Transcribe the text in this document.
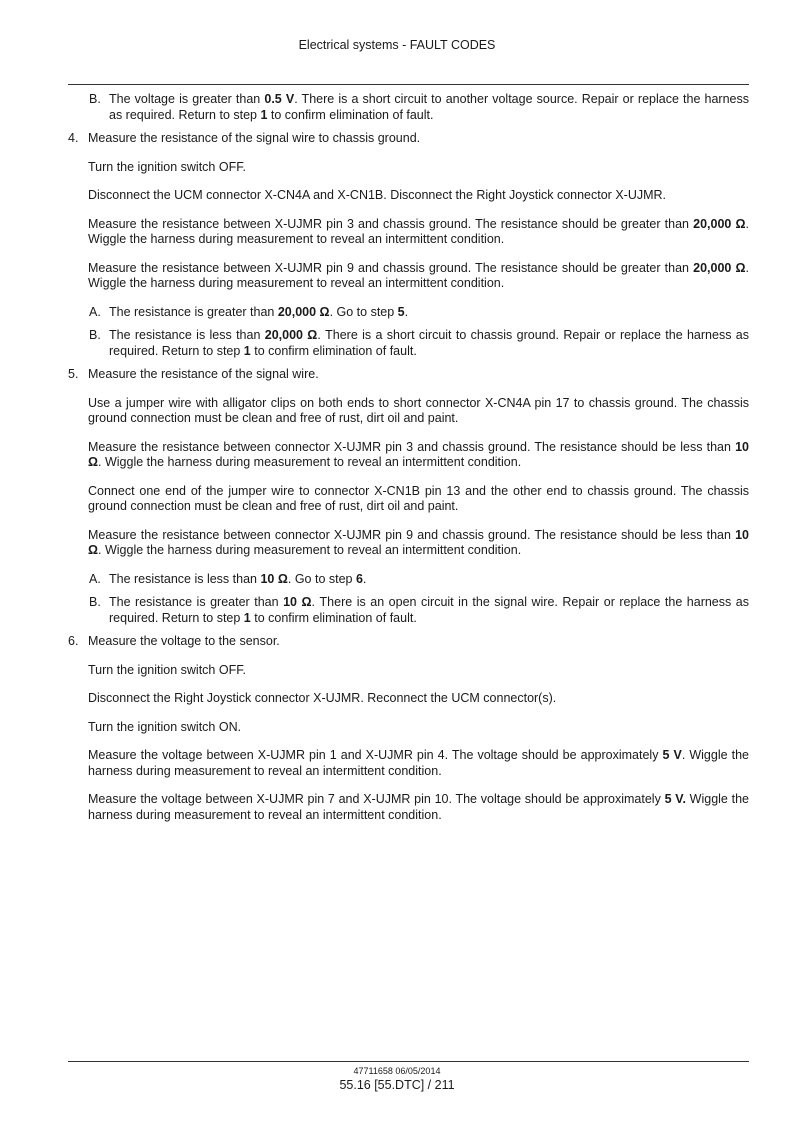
Electrical systems - FAULT CODES

B. The voltage is greater than 0.5 V. There is a short circuit to another voltage source. Repair or replace the harness as required. Return to step 1 to confirm elimination of fault.

4. Measure the resistance of the signal wire to chassis ground.

Turn the ignition switch OFF.

Disconnect the UCM connector X-CN4A and X-CN1B. Disconnect the Right Joystick connector X-UJMR.

Measure the resistance between X-UJMR pin 3 and chassis ground. The resistance should be greater than 20,000 Ω. Wiggle the harness during measurement to reveal an intermittent condition.

Measure the resistance between X-UJMR pin 9 and chassis ground. The resistance should be greater than 20,000 Ω. Wiggle the harness during measurement to reveal an intermittent condition.

A. The resistance is greater than 20,000 Ω. Go to step 5.

B. The resistance is less than 20,000 Ω. There is a short circuit to chassis ground. Repair or replace the harness as required. Return to step 1 to confirm elimination of fault.

5. Measure the resistance of the signal wire.

Use a jumper wire with alligator clips on both ends to short connector X-CN4A pin 17 to chassis ground. The chassis ground connection must be clean and free of rust, dirt oil and paint.

Measure the resistance between connector X-UJMR pin 3 and chassis ground. The resistance should be less than 10 Ω. Wiggle the harness during measurement to reveal an intermittent condition.

Connect one end of the jumper wire to connector X-CN1B pin 13 and the other end to chassis ground. The chassis ground connection must be clean and free of rust, dirt oil and paint.

Measure the resistance between connector X-UJMR pin 9 and chassis ground. The resistance should be less than 10 Ω. Wiggle the harness during measurement to reveal an intermittent condition.

A. The resistance is less than 10 Ω. Go to step 6.

B. The resistance is greater than 10 Ω. There is an open circuit in the signal wire. Repair or replace the harness as required. Return to step 1 to confirm elimination of fault.

6. Measure the voltage to the sensor.

Turn the ignition switch OFF.

Disconnect the Right Joystick connector X-UJMR. Reconnect the UCM connector(s).

Turn the ignition switch ON.

Measure the voltage between X-UJMR pin 1 and X-UJMR pin 4. The voltage should be approximately 5 V. Wiggle the harness during measurement to reveal an intermittent condition.

Measure the voltage between X-UJMR pin 7 and X-UJMR pin 10. The voltage should be approximately 5 V. Wiggle the harness during measurement to reveal an intermittent condition.

47711658 06/05/2014
55.16 [55.DTC] / 211
